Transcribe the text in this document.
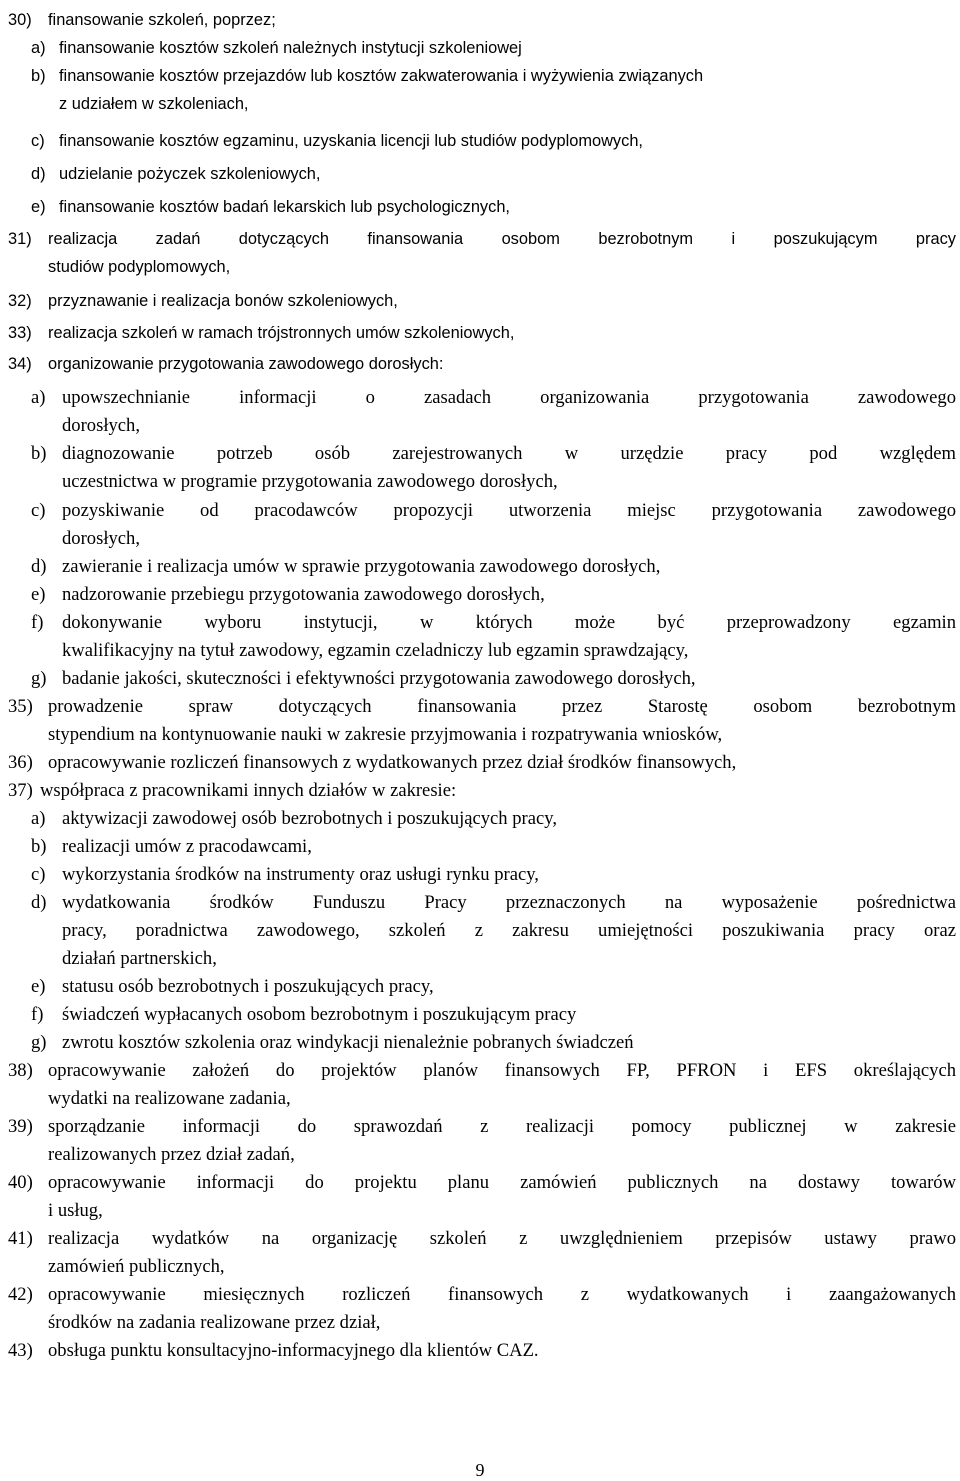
30) finansowanie szkoleń, poprzez;
a) finansowanie kosztów szkoleń należnych instytucji szkoleniowej
b) finansowanie kosztów przejazdów lub kosztów zakwaterowania i wyżywienia związanych
z udziałem w szkoleniach,
c) finansowanie kosztów egzaminu, uzyskania licencji lub studiów podyplomowych,
d) udzielanie pożyczek szkoleniowych,
e) finansowanie kosztów badań lekarskich lub psychologicznych,
31) realizacja zadań dotyczących finansowania osobom bezrobotnym i poszukującym pracy
studiów podyplomowych,
32) przyznawanie i realizacja bonów szkoleniowych,
33) realizacja szkoleń w ramach trójstronnych umów szkoleniowych,
34) organizowanie przygotowania zawodowego dorosłych:
a) upowszechnianie informacji o zasadach organizowania przygotowania zawodowego
dorosłych,
b) diagnozowanie potrzeb osób zarejestrowanych w urzędzie pracy pod względem
uczestnictwa w programie przygotowania zawodowego dorosłych,
c) pozyskiwanie od pracodawców propozycji utworzenia miejsc przygotowania zawodowego
dorosłych,
d) zawieranie i realizacja umów w sprawie przygotowania zawodowego dorosłych,
e) nadzorowanie przebiegu przygotowania zawodowego dorosłych,
f) dokonywanie wyboru instytucji, w których może być przeprowadzony egzamin
kwalifikacyjny na tytuł zawodowy, egzamin czeladniczy lub egzamin sprawdzający,
g) badanie jakości, skuteczności i efektywności przygotowania zawodowego dorosłych,
35) prowadzenie spraw dotyczących finansowania przez Starostę osobom bezrobotnym
stypendium na kontynuowanie nauki w zakresie przyjmowania i rozpatrywania wniosków,
36) opracowywanie rozliczeń finansowych z wydatkowanych przez dział środków finansowych,
37) współpraca z pracownikami innych działów w zakresie:
a) aktywizacji zawodowej osób bezrobotnych i poszukujących pracy,
b) realizacji umów z pracodawcami,
c) wykorzystania środków na instrumenty oraz usługi rynku pracy,
d) wydatkowania środków Funduszu Pracy przeznaczonych na wyposażenie pośrednictwa
pracy, poradnictwa zawodowego, szkoleń z zakresu umiejętności poszukiwania pracy oraz
działań partnerskich,
e) statusu osób bezrobotnych i poszukujących pracy,
f) świadczeń wypłacanych osobom bezrobotnym i poszukującym pracy
g) zwrotu kosztów szkolenia oraz windykacji nienależnie pobranych świadczeń
38) opracowywanie założeń do projektów planów finansowych FP, PFRON i EFS określających
wydatki na realizowane zadania,
39) sporządzanie informacji do sprawozdań z realizacji pomocy publicznej w zakresie
realizowanych przez dział zadań,
40) opracowywanie informacji do projektu planu zamówień publicznych na dostawy towarów
i usług,
41) realizacja wydatków na organizację szkoleń z uwzględnieniem przepisów ustawy prawo
zamówień publicznych,
42) opracowywanie miesięcznych rozliczeń finansowych z wydatkowanych i zaangażowanych
środków na zadania realizowane przez dział,
43) obsługa punktu konsultacyjno-informacyjnego dla klientów CAZ.
9
